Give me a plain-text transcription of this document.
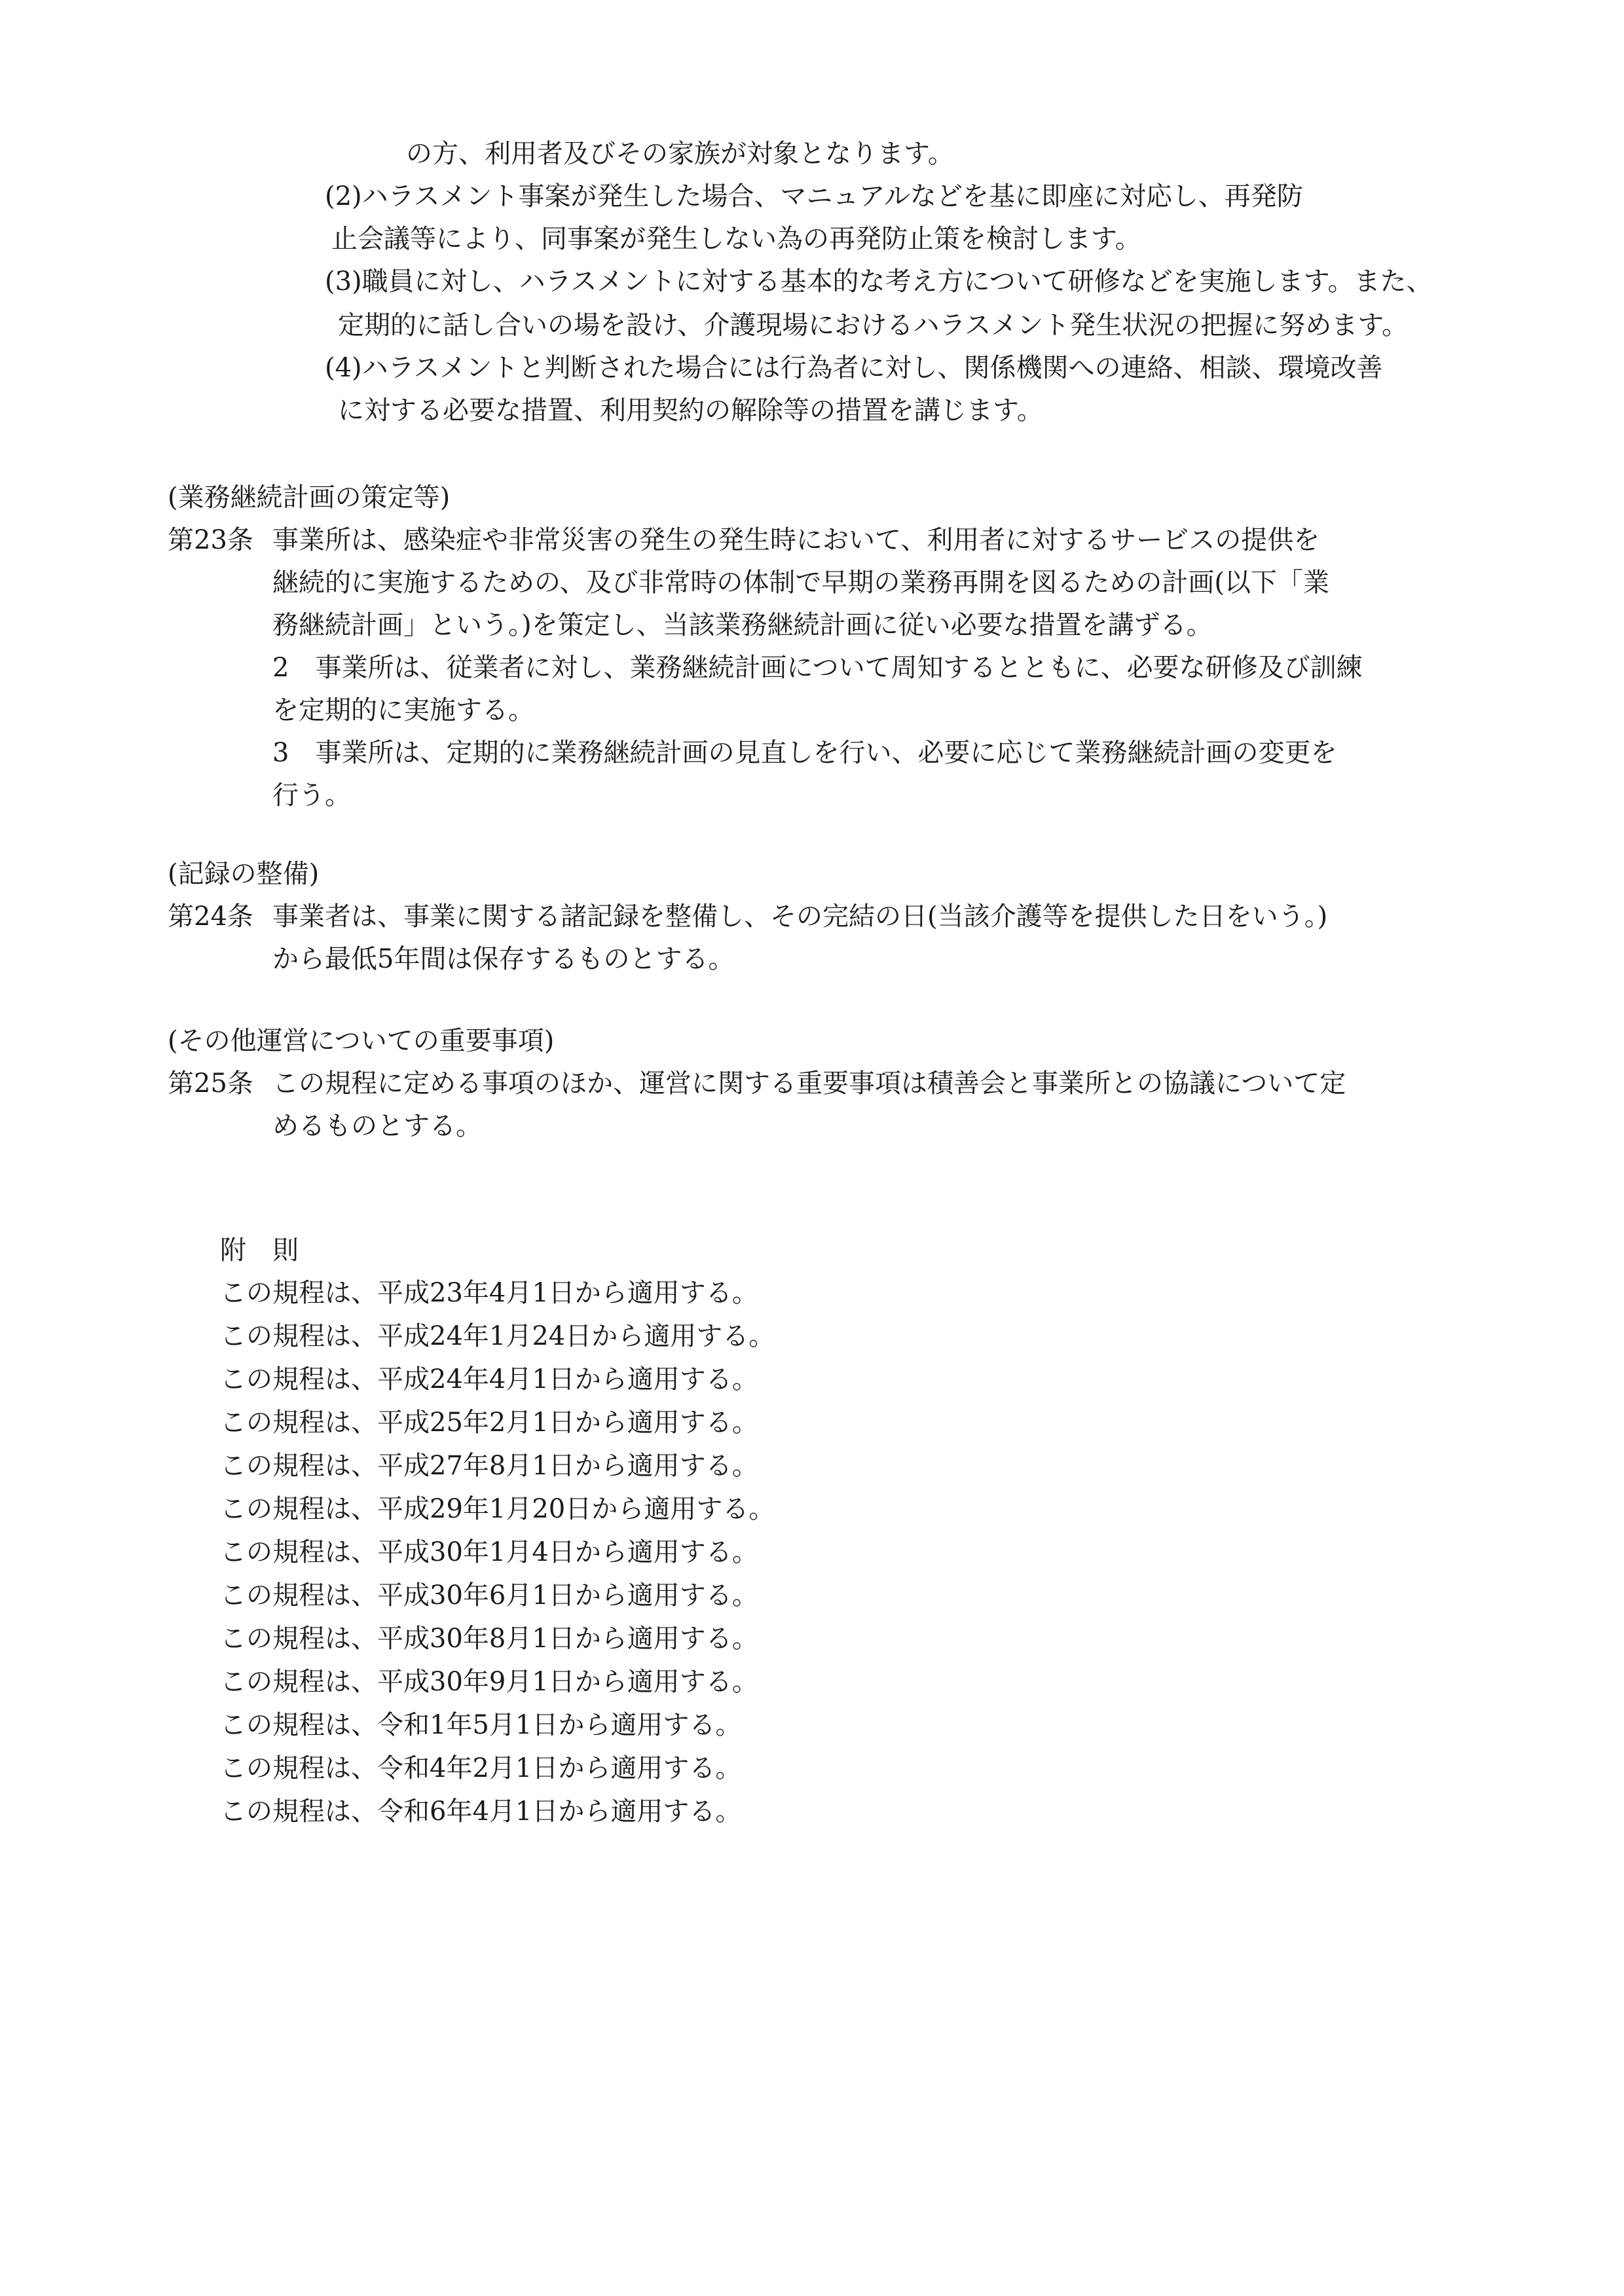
の方、利用者及びその家族が対象となります。

(2)ハラスメント事案が発生した場合、マニュアルなどを基に即座に対応し、再発防

止会議等により、同事案が発生しない為の再発防止策を検討します。

(3)職員に対し、ハラスメントに対する基本的な考え方について研修などを実施します。また、

定期的に話し合いの場を設け、介護現場におけるハラスメント発生状況の把握に努めます。

(4)ハラスメントと判断された場合には行為者に対し、関係機関への連絡、相談、環境改善

に対する必要な措置、利用契約の解除等の措置を講じます。

(業務継続計画の策定等)

第23条 事業所は、感染症や非常災害の発生の発生時において、利用者に対するサービスの提供を
継続的に実施するための、及び非常時の体制で早期の業務再開を図るための計画(以下「業
務継続計画」という。)を策定し、当該業務継続計画に従い必要な措置を講ずる。
2　事業所は、従業者に対し、業務継続計画について周知するとともに、必要な研修及び訓練
を定期的に実施する。
3　事業所は、定期的に業務継続計画の見直しを行い、必要に応じて業務継続計画の変更を
行う。

(記録の整備)

第24条 事業者は、事業に関する諸記録を整備し、その完結の日(当該介護等を提供した日をいう。)
から最低5年間は保存するものとする。

(その他運営についての重要事項)

第25条 この規程に定める事項のほか、運営に関する重要事項は積善会と事業所との協議について定
めるものとする。

附　則

この規程は、平成23年4月1日から適用する。
この規程は、平成24年1月24日から適用する。
この規程は、平成24年4月1日から適用する。
この規程は、平成25年2月1日から適用する。
この規程は、平成27年8月1日から適用する。
この規程は、平成29年1月20日から適用する。
この規程は、平成30年1月4日から適用する。
この規程は、平成30年6月1日から適用する。
この規程は、平成30年8月1日から適用する。
この規程は、平成30年9月1日から適用する。
この規程は、令和1年5月1日から適用する。
この規程は、令和4年2月1日から適用する。
この規程は、令和6年4月1日から適用する。
